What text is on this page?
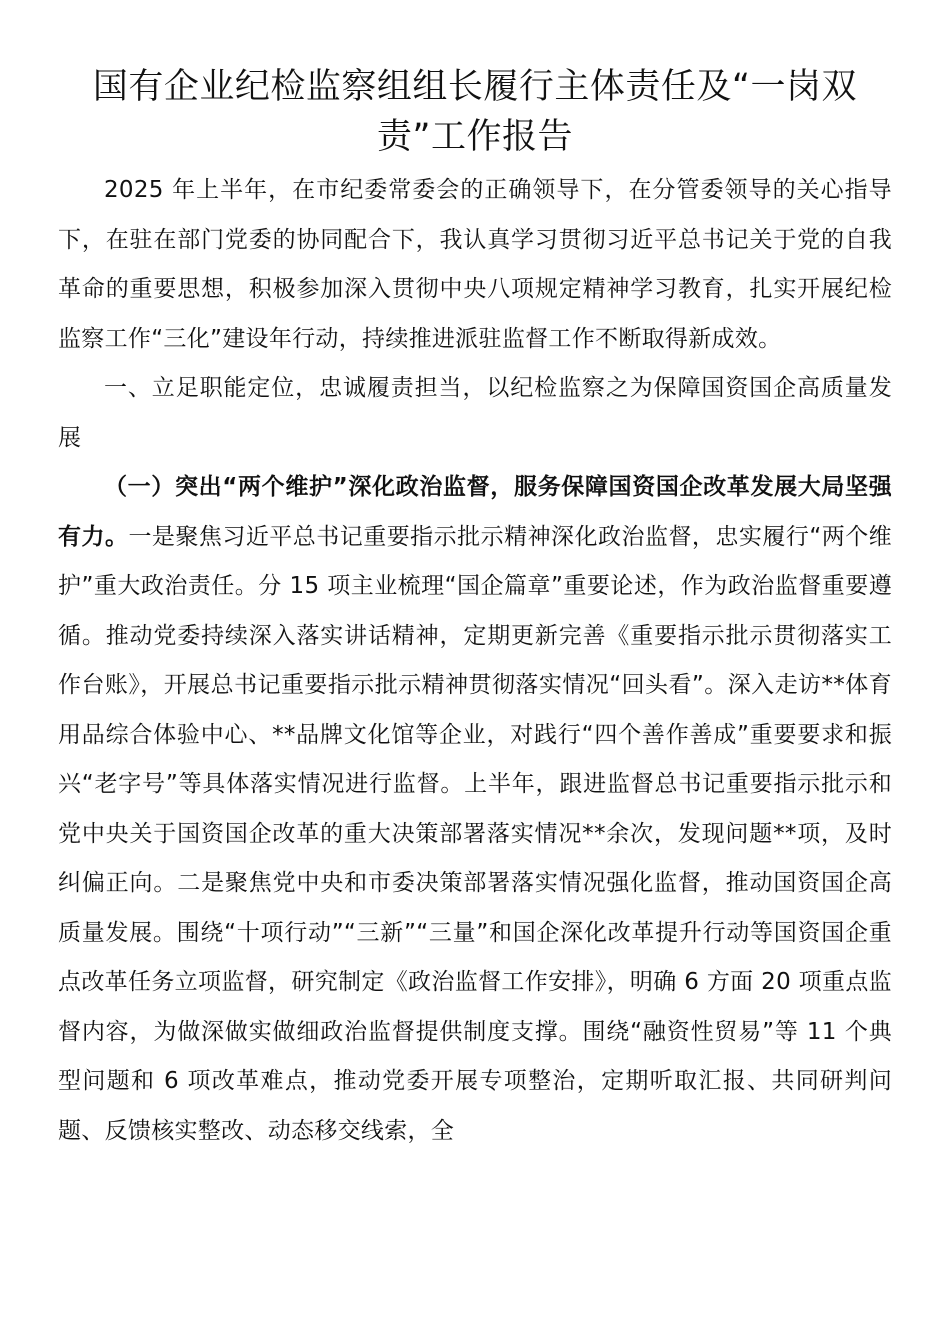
国有企业纪检监察组组长履行主体责任及“一岗双责”工作报告

2025 年上半年，在市纪委常委会的正确领导下，在分管委领导的关心指导下，在驻在部门党委的协同配合下，我认真学习贯彻习近平总书记关于党的自我革命的重要思想，积极参加深入贯彻中央八项规定精神学习教育，扎实开展纪检监察工作“三化”建设年行动，持续推进派驻监督工作不断取得新成效。

一、立足职能定位，忠诚履责担当，以纪检监察之为保障国资国企高质量发展

（一）突出“两个维护”深化政治监督，服务保障国资国企改革发展大局坚强有力。一是聚焦习近平总书记重要指示批示精神深化政治监督，忠实履行“两个维护”重大政治责任。分 15 项主业梳理“国企篇章”重要论述，作为政治监督重要遵循。推动党委持续深入落实讲话精神，定期更新完善《重要指示批示贯彻落实工作台账》，开展总书记重要指示批示精神贯彻落实情况“回头看”。深入走访**体育用品综合体验中心、**品牌文化馆等企业，对践行“四个善作善成”重要要求和振兴“老字号”等具体落实情况进行监督。上半年，跟进监督总书记重要指示批示和党中央关于国资国企改革的重大决策部署落实情况**余次，发现问题**项，及时纠偏正向。二是聚焦党中央和市委决策部署落实情况强化监督，推动国资国企高质量发展。围绕“十项行动”“三新”“三量”和国企深化改革提升行动等国资国企重点改革任务立项监督，研究制定《政治监督工作安排》，明确 6 方面 20 项重点监督内容，为做深做实做细政治监督提供制度支撑。围绕“融资性贸易”等 11 个典型问题和 6 项改革难点，推动党委开展专项整治，定期听取汇报、共同研判问题、反馈核实整改、动态移交线索，全
